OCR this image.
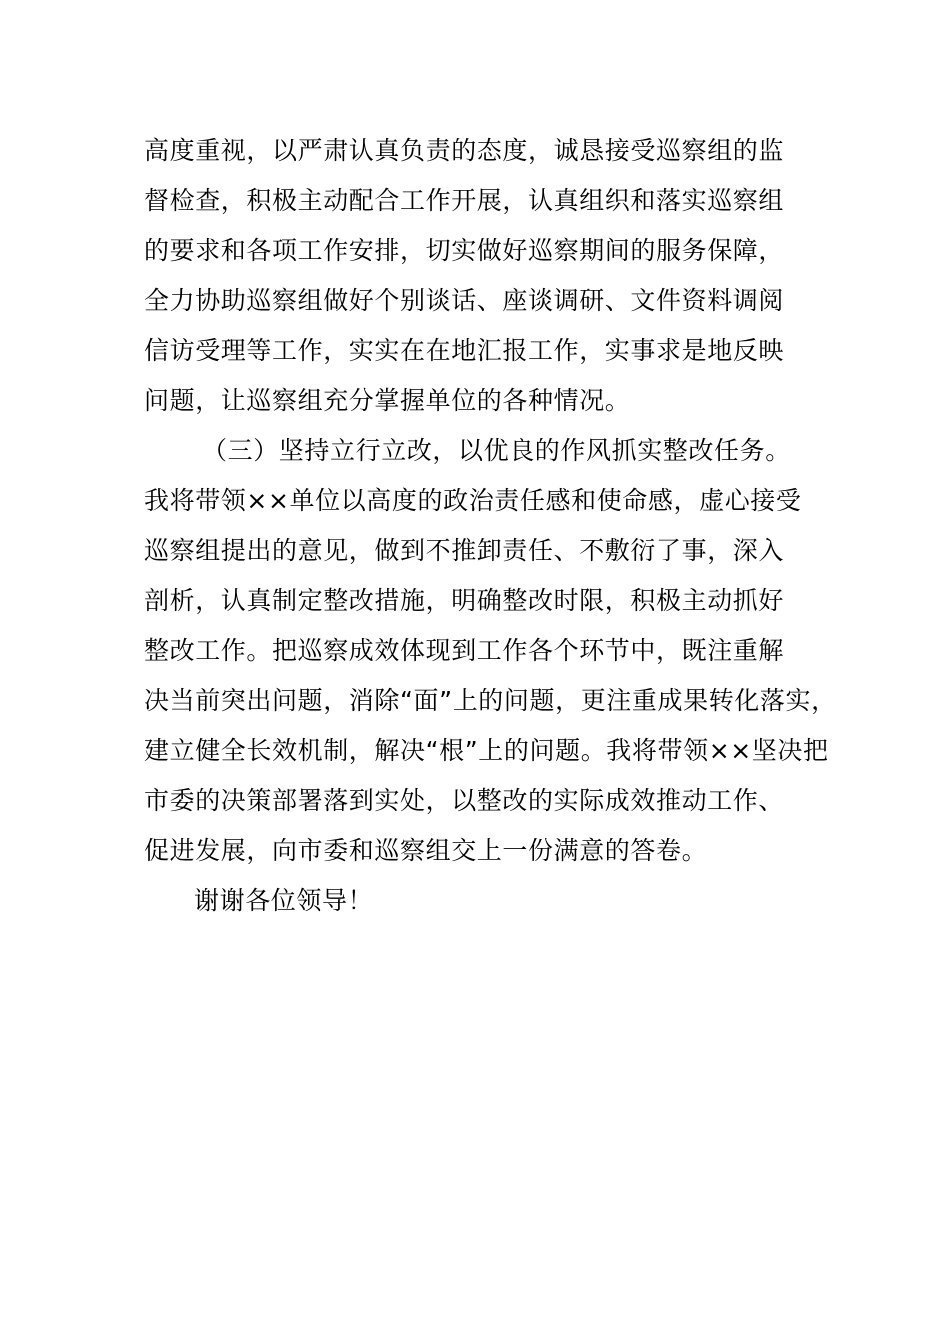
高度重视，以严肃认真负责的态度，诚恳接受巡察组的监
督检查，积极主动配合工作开展，认真组织和落实巡察组
的要求和各项工作安排，切实做好巡察期间的服务保障，
全力协助巡察组做好个别谈话、座谈调研、文件资料调阅
信访受理等工作，实实在在地汇报工作，实事求是地反映
问题，让巡察组充分掌握单位的各种情况。
（三）坚持立行立改，以优良的作风抓实整改任务。
我将带领××单位以高度的政治责任感和使命感，虚心接受
巡察组提出的意见，做到不推卸责任、不敷衍了事，深入
剖析，认真制定整改措施，明确整改时限，积极主动抓好
整改工作。把巡察成效体现到工作各个环节中，既注重解
决当前突出问题，消除“面”上的问题，更注重成果转化落实，
建立健全长效机制，解决“根”上的问题。我将带领××坚决把
市委的决策部署落到实处，以整改的实际成效推动工作、
促进发展，向市委和巡察组交上一份满意的答卷。
谢谢各位领导！
